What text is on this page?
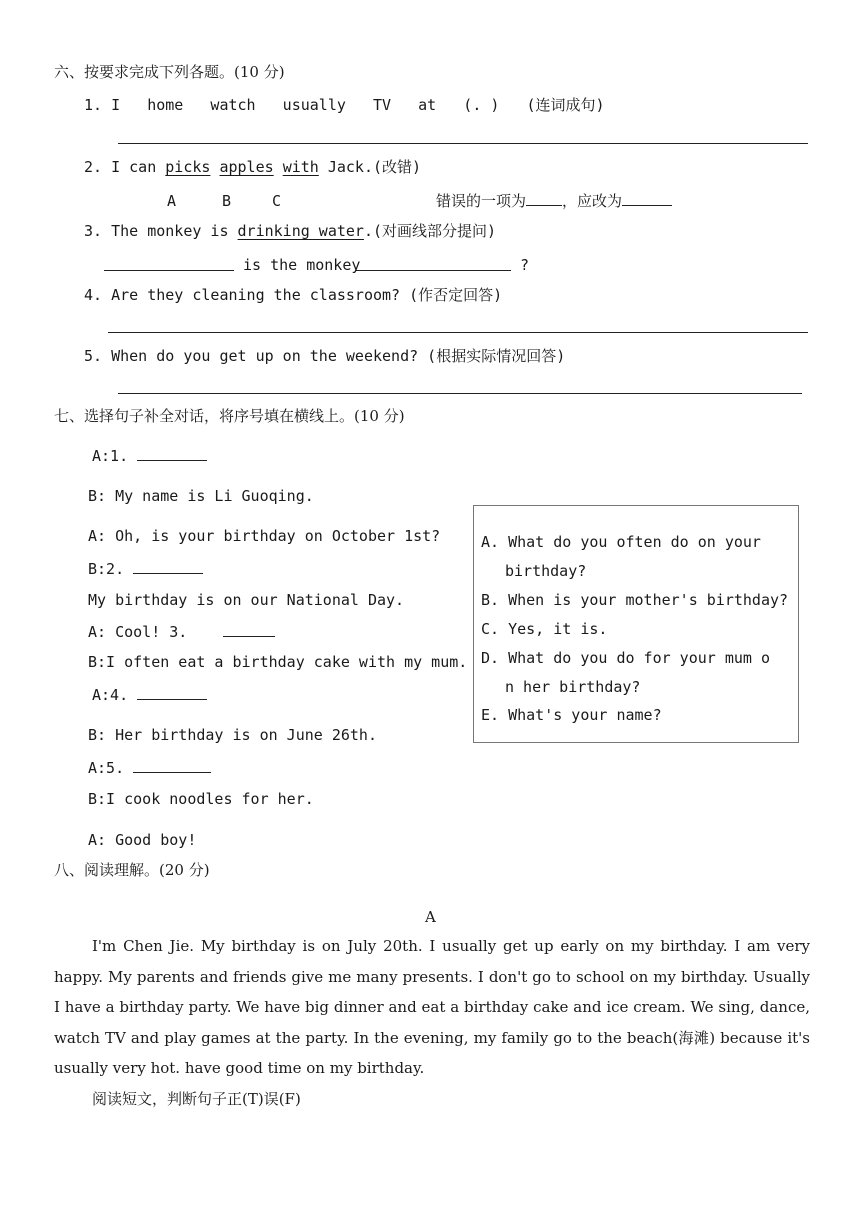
六、按要求完成下列各题。(10 分)
1. I   home   watch   usually   TV   at   (. )   (连词成句)
2. I can picks apples with Jack.(改错)
A	B	C	错误的一项为 ，应改为
3. The monkey is drinking water.(对画线部分提问)
is the monkey	?
4. Are they cleaning the classroom? (作否定回答)
5. When do you get up on the weekend? (根据实际情况回答)
七、选择句子补全对话，将序号填在横线上。(10 分)
A:1.
B: My name is Li Guoqing.
A: Oh, is your birthday on October 1st?
B:2.
My birthday is on our National Day.
A: Cool! 3.
B:I often eat a birthday cake with my mum.
A:4.
B: Her birthday is on June 26th.
A:5.
B:I cook noodles for her.
A: Good boy!
A. What do you often do on your
birthday?
B. When is your mother's birthday?
C. Yes, it is.
D. What do you do for your mum o
n her birthday?
E. What's your name?
八、阅读理解。(20 分)
A
I'm Chen Jie. My birthday is on July 20th. I usually get up early on my birthday. I am very happy. My parents and friends give me many presents. I don't go to school on my birthday. Usually I have a birthday party. We have big dinner and eat a birthday cake and ice cream. We sing, dance, watch TV and play games at the party. In the evening, my family go to the beach(海滩) because it's usually very hot. have good time on my birthday.
阅读短文，判断句子正(T)误(F)
